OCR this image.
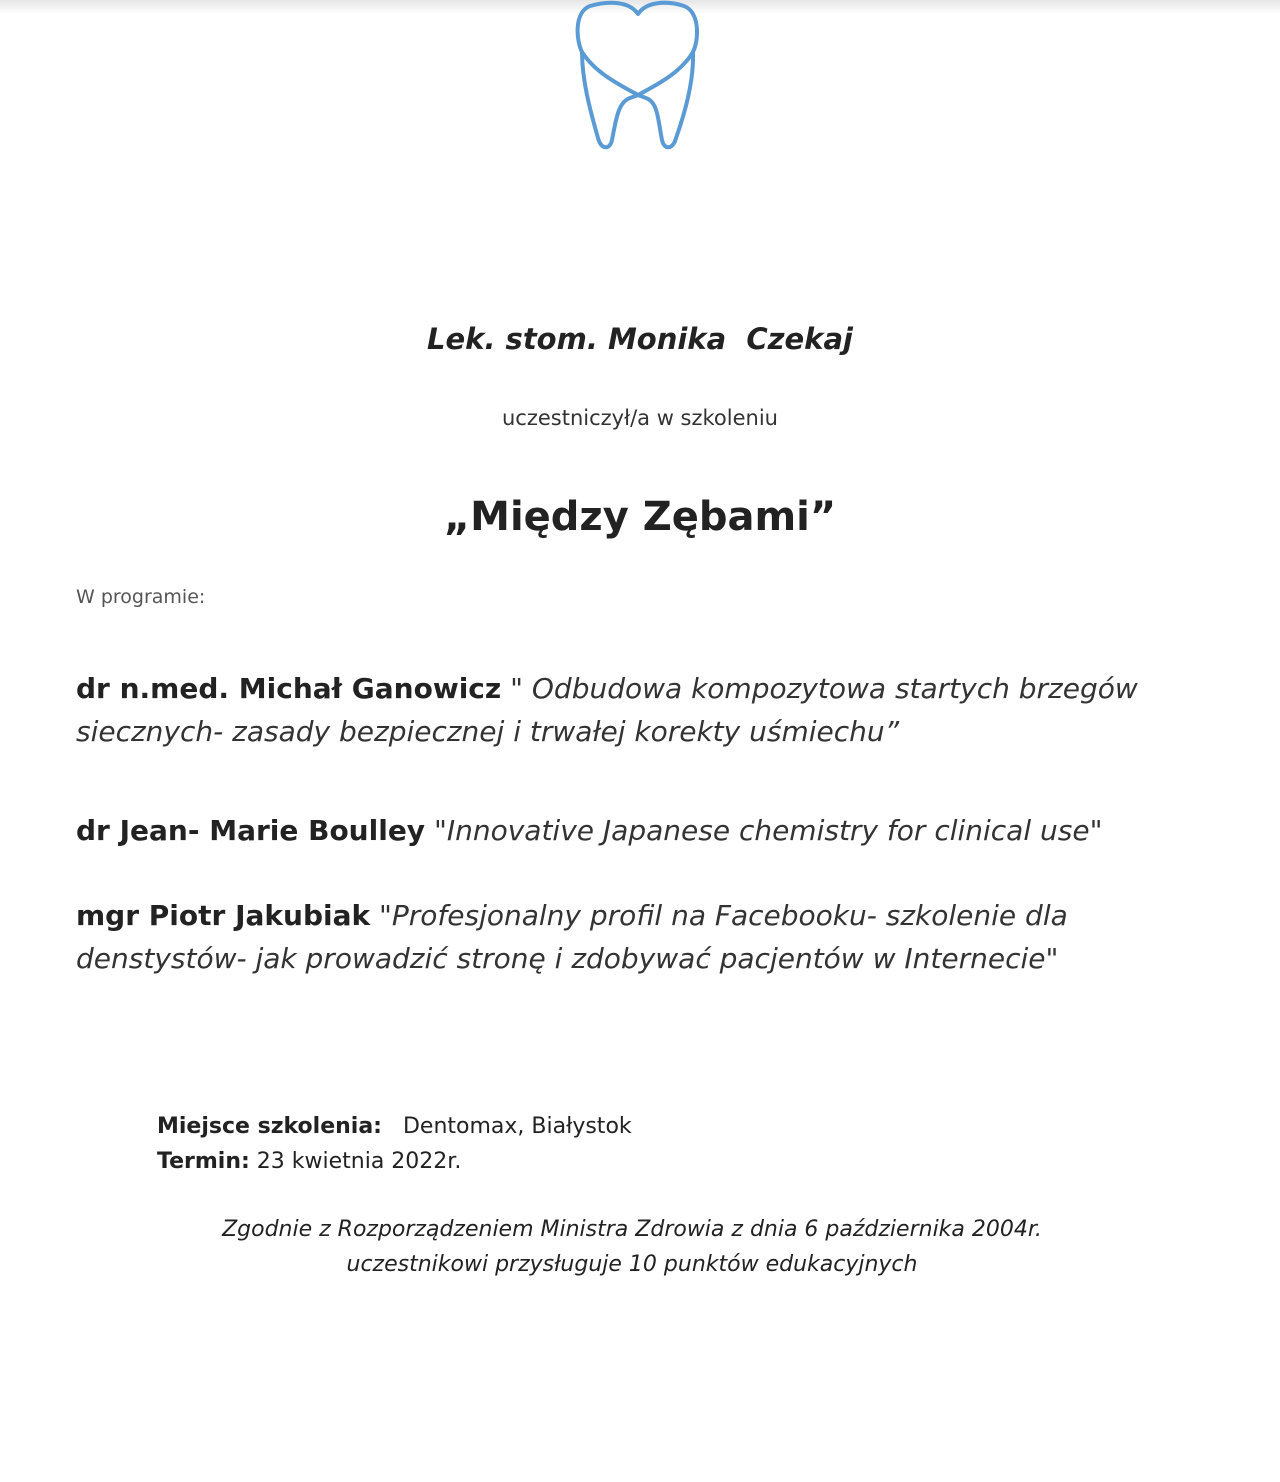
Lek. stom. Monika  Czekaj
uczestniczył/a w szkoleniu
„Między Zębami”
W programie:
dr n.med. Michał Ganowicz " Odbudowa kompozytowa startych brzegów
siecznych- zasady bezpiecznej i trwałej korekty uśmiechu”
dr Jean- Marie Boulley "Innovative Japanese chemistry for clinical use"
mgr Piotr Jakubiak "Profesjonalny profil na Facebooku- szkolenie dla
denstystów- jak prowadzić stronę i zdobywać pacjentów w Internecie"
Miejsce szkolenia: Dentomax, Białystok
Termin: 23 kwietnia 2022r.
Zgodnie z Rozporządzeniem Ministra Zdrowia z dnia 6 października 2004r.
uczestnikowi przysługuje 10 punktów edukacyjnych
